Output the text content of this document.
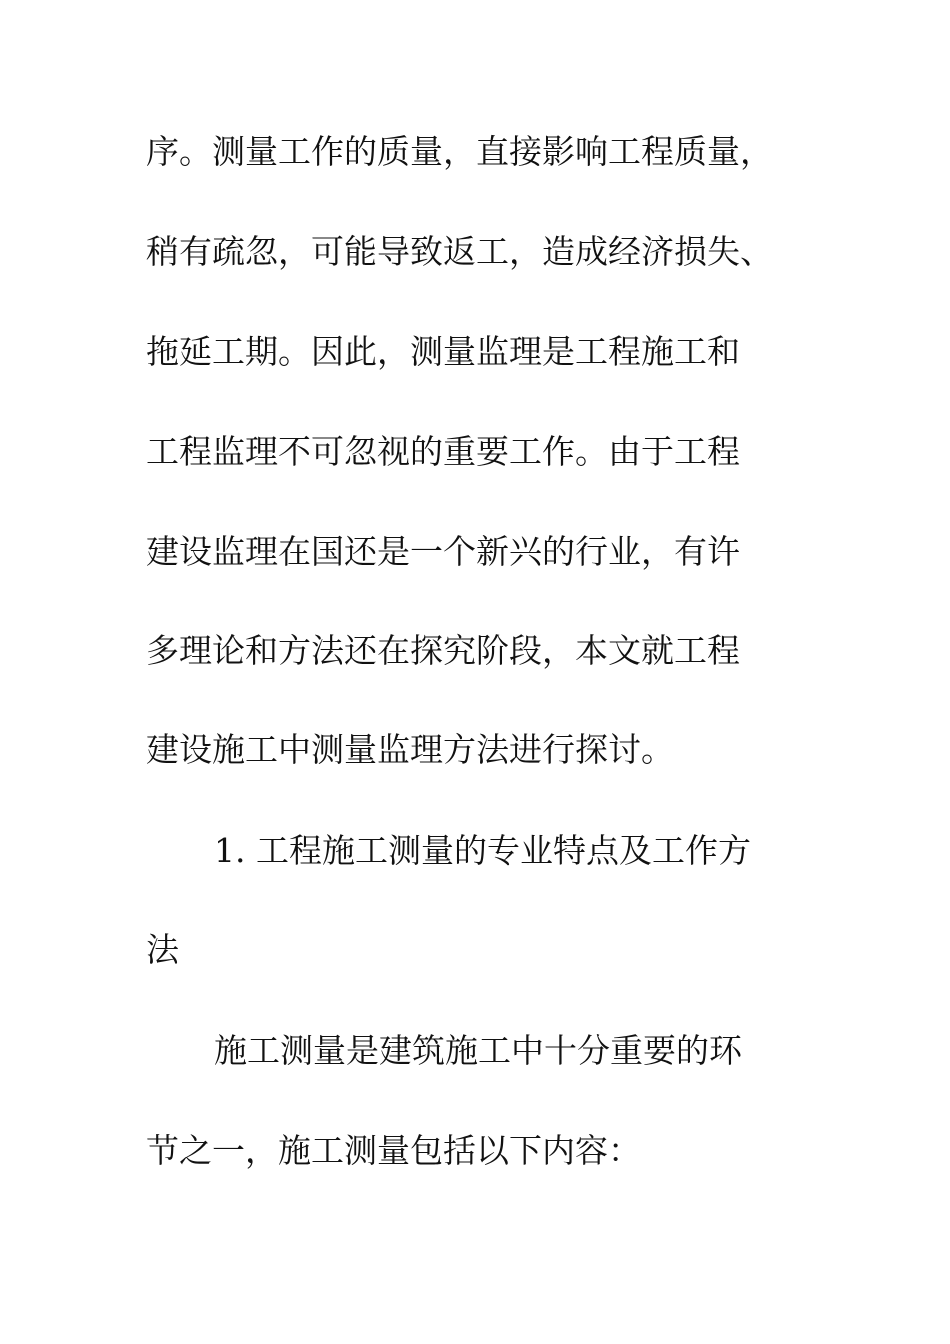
序。测量工作的质量，直接影响工程质量，
稍有疏忽，可能导致返工，造成经济损失、
拖延工期。因此，测量监理是工程施工和
工程监理不可忽视的重要工作。由于工程
建设监理在国还是一个新兴的行业，有许
多理论和方法还在探究阶段，本文就工程
建设施工中测量监理方法进行探讨。
1. 工程施工测量的专业特点及工作方
法
施工测量是建筑施工中十分重要的环
节之一，施工测量包括以下内容：
